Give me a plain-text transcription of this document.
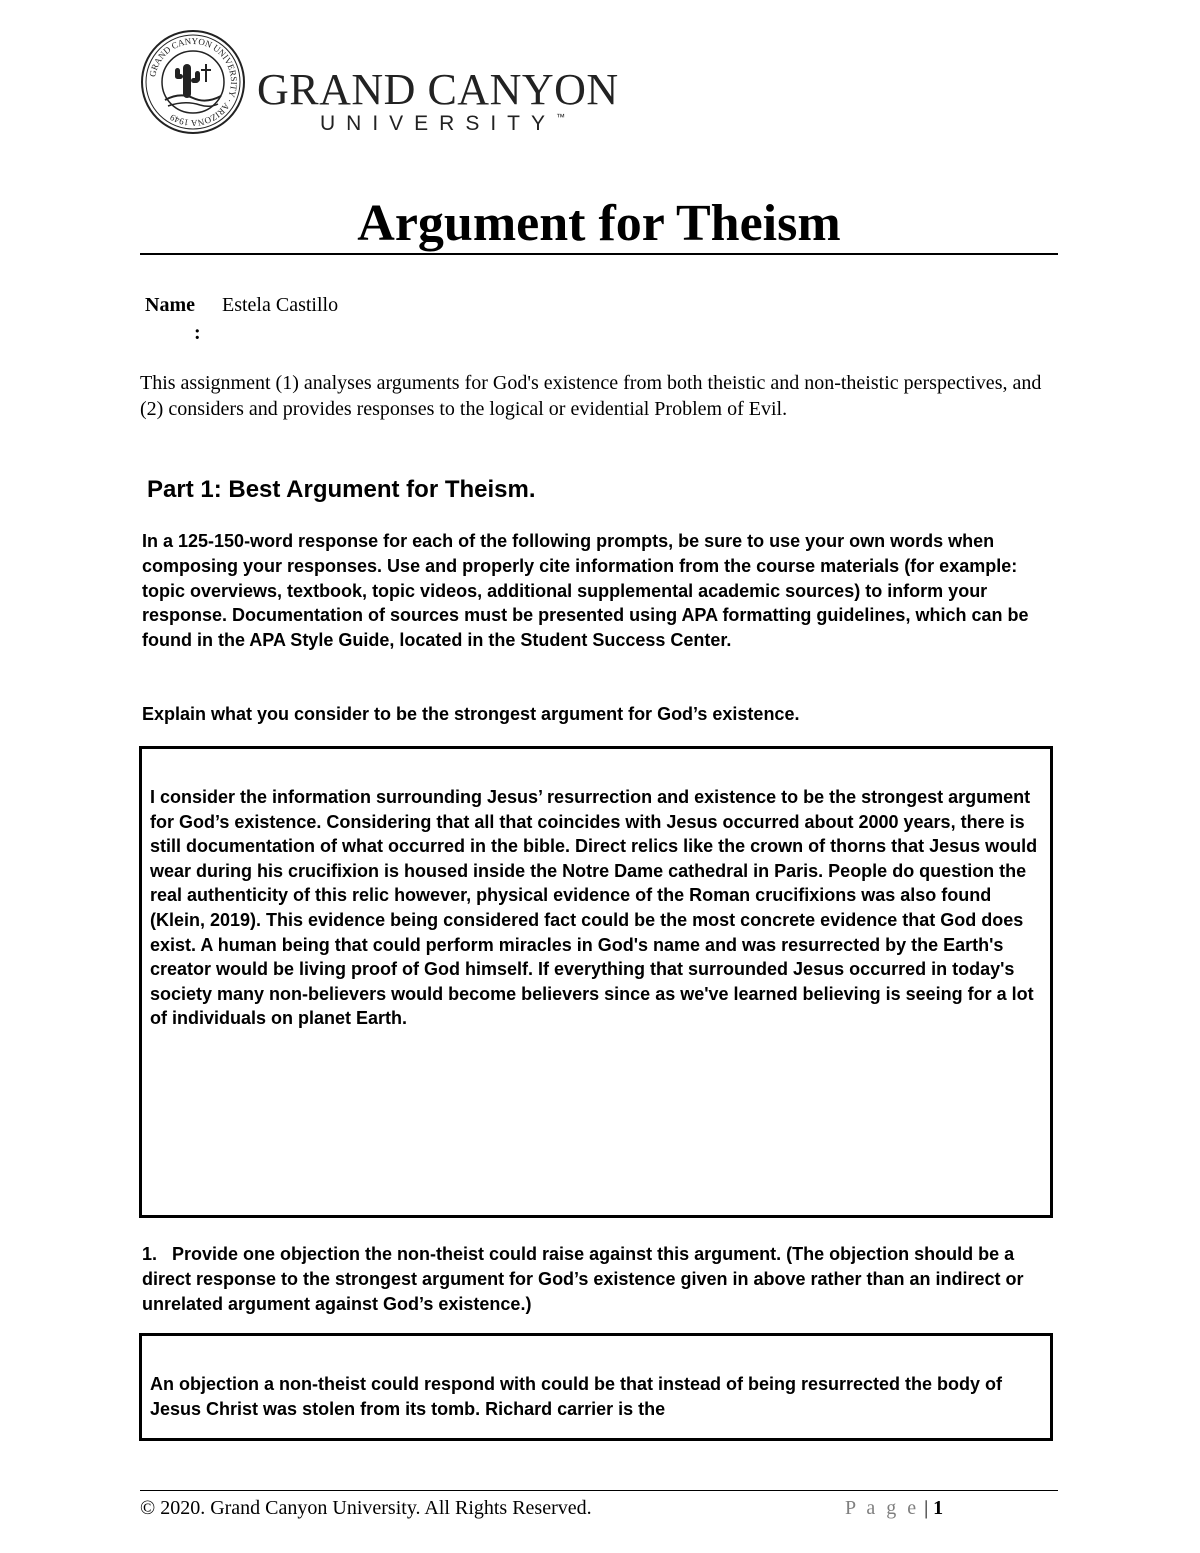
GRAND CANYON UNIVERSITY · ARIZONA 1949
GRAND CANYON
UNIVERSITY™
Argument for Theism
Name
:
Estela Castillo

This assignment (1) analyses arguments for God's existence from both theistic and non-theistic perspectives, and (2) considers and provides responses to the logical or evidential Problem of Evil.

Part 1: Best Argument for Theism.

In a 125-150-word response for each of the following prompts, be sure to use your own words when composing your responses. Use and properly cite information from the course materials (for example: topic overviews, textbook, topic videos, additional supplemental academic sources) to inform your response. Documentation of sources must be presented using APA formatting guidelines, which can be found in the APA Style Guide, located in the Student Success Center.

Explain what you consider to be the strongest argument for God’s existence.

I consider the information surrounding Jesus’ resurrection and existence to be the strongest argument for God’s existence. Considering that all that coincides with Jesus occurred about 2000 years, there is still documentation of what occurred in the bible. Direct relics like the crown of thorns that Jesus would wear during his crucifixion is housed inside the Notre Dame cathedral in Paris. People do question the real authenticity of this relic however, physical evidence of the Roman crucifixions was also found (Klein, 2019). This evidence being considered fact could be the most concrete evidence that God does exist. A human being that could perform miracles in God's name and was resurrected by the Earth's creator would be living proof of God himself. If everything that surrounded Jesus occurred in today's society many non-believers would become believers since as we've learned believing is seeing for a lot of individuals on planet Earth.

1. Provide one objection the non-theist could raise against this argument. (The objection should be a direct response to the strongest argument for God’s existence given in above rather than an indirect or unrelated argument against God’s existence.)

An objection a non-theist could respond with could be that instead of being resurrected the body of Jesus Christ was stolen from its tomb. Richard carrier is the

© 2020. Grand Canyon University. All Rights Reserved.	P a g e | 1
